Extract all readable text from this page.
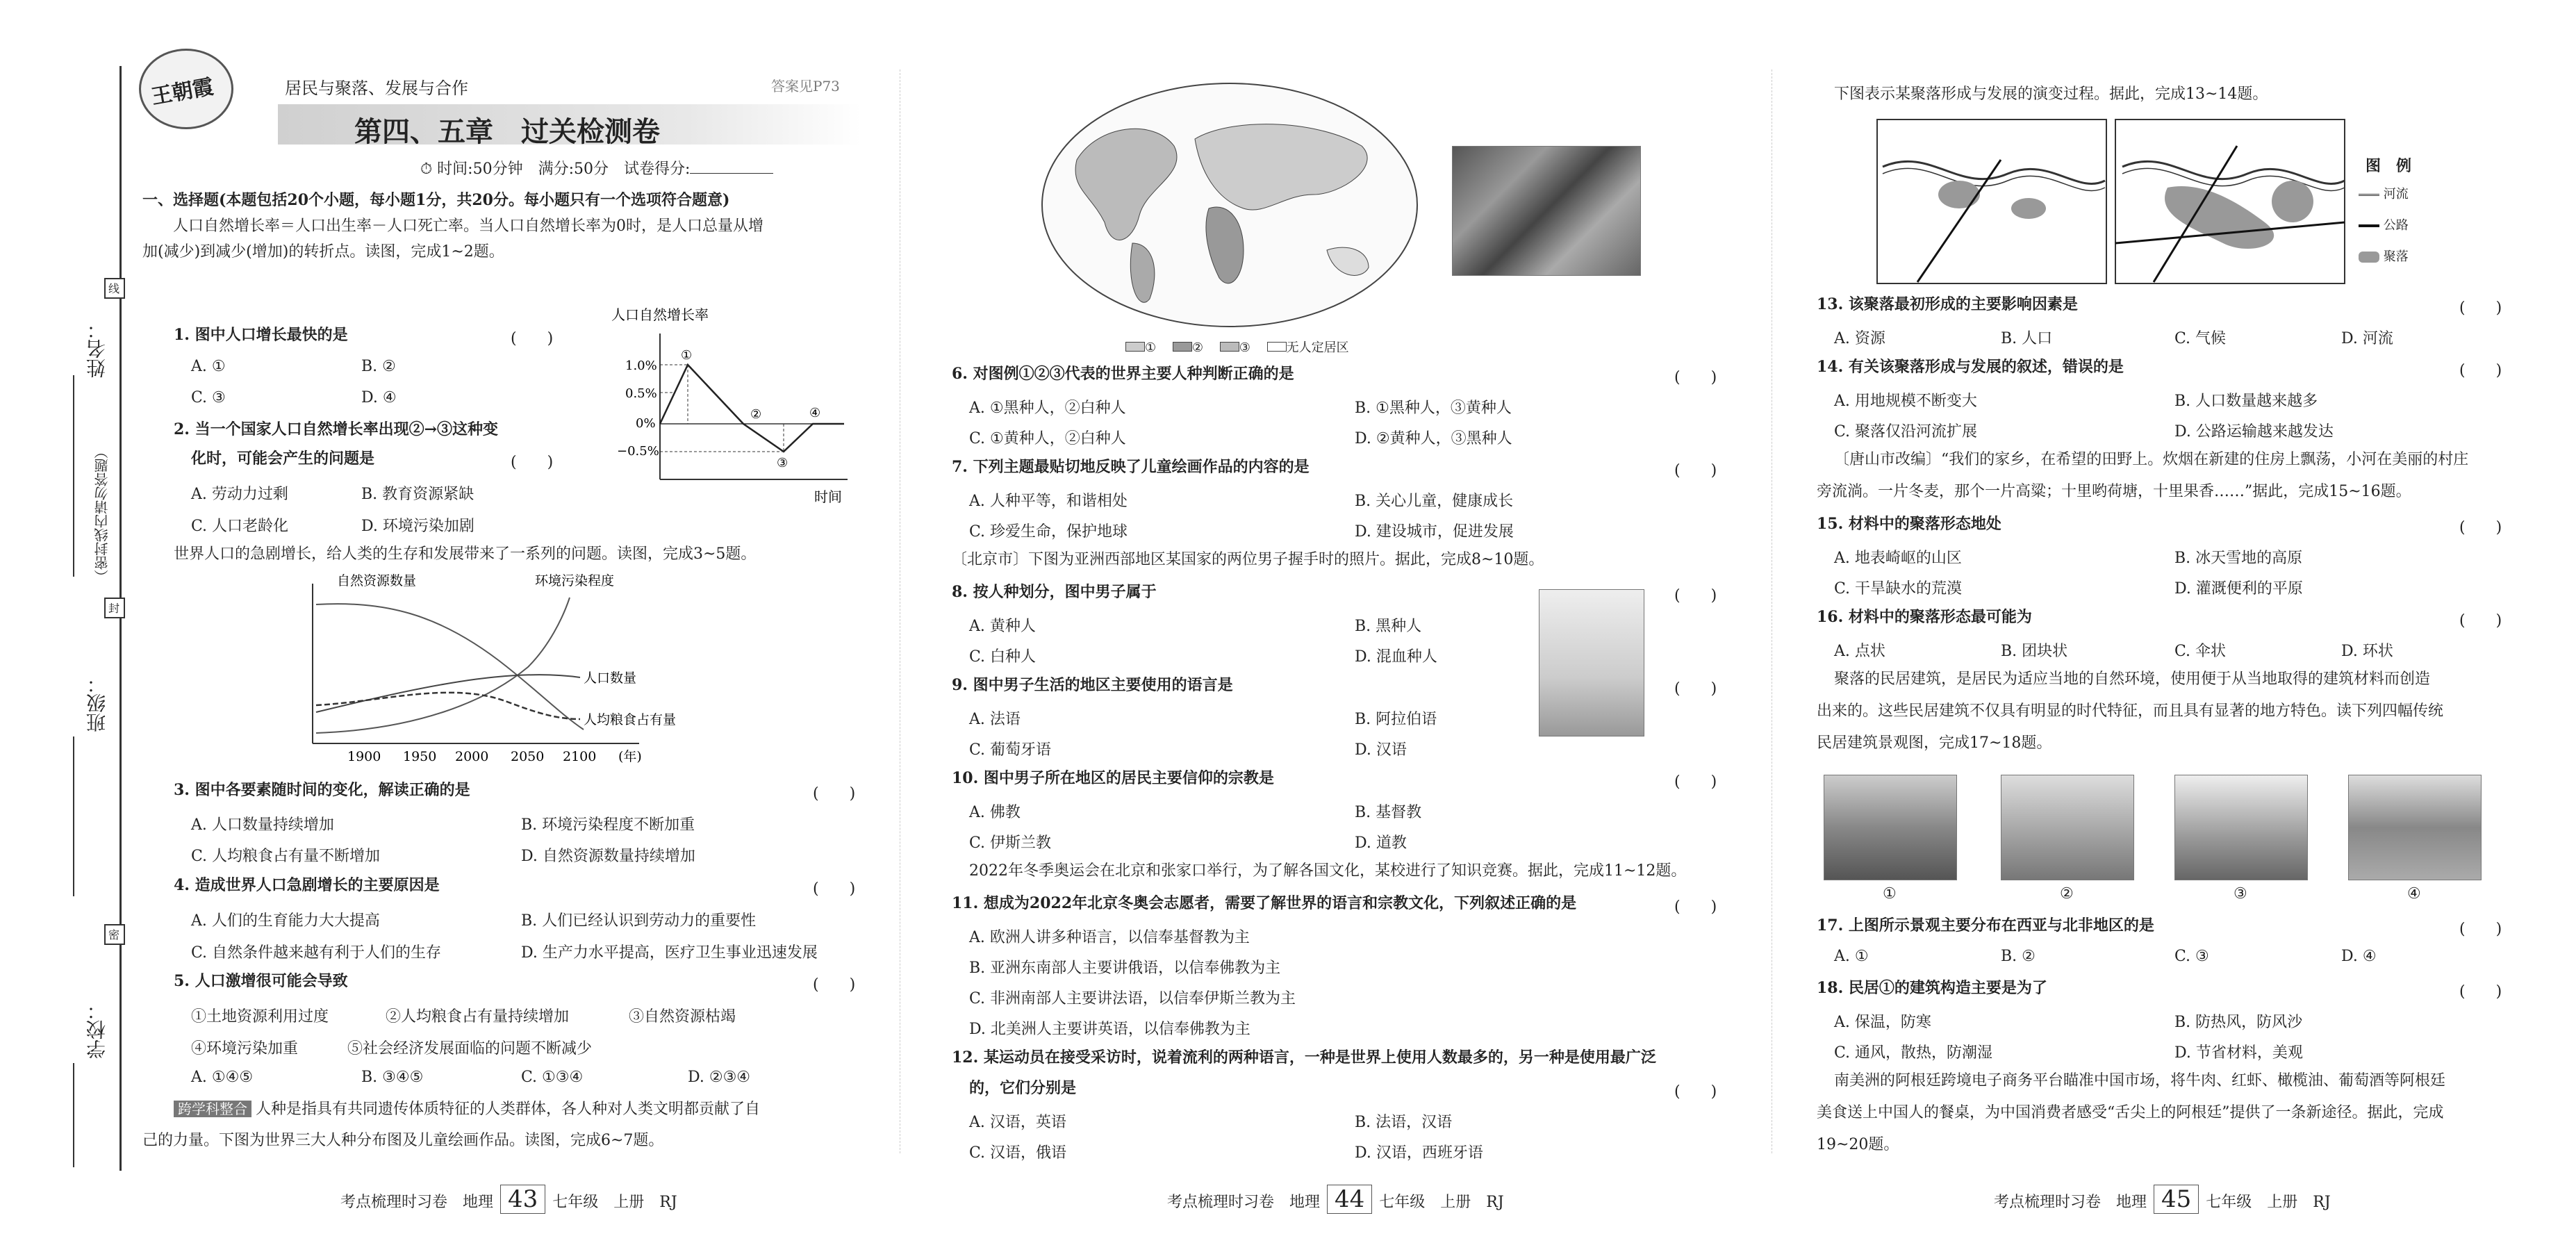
线
封
密
姓名：
（密封线内请勿答题）
班级：
学校：
王朝霞	居民与聚落、发展与合作
第四、五章　过关检测卷
答案见P73
⏱ 时间:50分钟　满分:50分　试卷得分:
一、选择题(本题包括20个小题，每小题1分，共20分。每小题只有一个选项符合题意)
人口自然增长率＝人口出生率－人口死亡率。当人口自然增长率为0时，是人口总量从增
加(减少)到减少(增加)的转折点。读图，完成1~2题。
1. 图中人口增长最快的是	(　　)
A. ①	B. ②
C. ③	D. ④
人口自然增长率
1.0%
0.5%
0%
−0.5%
①
②
③
④
时间
2. 当一个国家人口自然增长率出现②→③这种变
化时，可能会产生的问题是	(　　)
A. 劳动力过剩	B. 教育资源紧缺
C. 人口老龄化	D. 环境污染加剧
世界人口的急剧增长，给人类的生存和发展带来了一系列的问题。读图，完成3~5题。
自然资源数量	环境污染程度
人口数量
人均粮食占有量
1900 1950 2000 2050 2100 (年)
3. 图中各要素随时间的变化，解读正确的是	(　　)
A. 人口数量持续增加	B. 环境污染程度不断加重
C. 人均粮食占有量不断增加	D. 自然资源数量持续增加
4. 造成世界人口急剧增长的主要原因是	(　　)
A. 人们的生育能力大大提高	B. 人们已经认识到劳动力的重要性
C. 自然条件越来越有利于人们的生存	D. 生产力水平提高，医疗卫生事业迅速发展
5. 人口激增很可能会导致	(　　)
①土地资源利用过度	②人均粮食占有量持续增加	③自然资源枯竭
④环境污染加重	⑤社会经济发展面临的问题不断减少
A. ①④⑤	B. ③④⑤	C. ①③④	D. ②③④
跨学科整合 人种是指具有共同遗传体质特征的人类群体，各人种对人类文明都贡献了自
己的力量。下图为世界三大人种分布图及儿童绘画作品。读图，完成6~7题。
①　	②　	③　	无人定居区
6. 对图例①②③代表的世界主要人种判断正确的是	(　　)
A. ①黑种人，②白种人	B. ①黑种人，③黄种人
C. ①黄种人，②白种人	D. ②黄种人，③黑种人
7. 下列主题最贴切地反映了儿童绘画作品的内容的是	(　　)
A. 人种平等，和谐相处	B. 关心儿童，健康成长
C. 珍爱生命，保护地球	D. 建设城市，促进发展
〔北京市〕下图为亚洲西部地区某国家的两位男子握手时的照片。据此，完成8~10题。
8. 按人种划分，图中男子属于	(　　)
A. 黄种人	B. 黑种人
C. 白种人	D. 混血种人
9. 图中男子生活的地区主要使用的语言是	(　　)
A. 法语	B. 阿拉伯语
C. 葡萄牙语	D. 汉语
10. 图中男子所在地区的居民主要信仰的宗教是	(　　)
A. 佛教	B. 基督教
C. 伊斯兰教	D. 道教
2022年冬季奥运会在北京和张家口举行，为了解各国文化，某校进行了知识竞赛。据此，完成11~12题。
11. 想成为2022年北京冬奥会志愿者，需要了解世界的语言和宗教文化，下列叙述正确的是	(　　)
A. 欧洲人讲多种语言，以信奉基督教为主
B. 亚洲东南部人主要讲俄语，以信奉佛教为主
C. 非洲南部人主要讲法语，以信奉伊斯兰教为主
D. 北美洲人主要讲英语，以信奉佛教为主
12. 某运动员在接受采访时，说着流利的两种语言，一种是世界上使用人数最多的，另一种是使用最广泛
的，它们分别是	(　　)
A. 汉语，英语	B. 法语，汉语
C. 汉语，俄语	D. 汉语，西班牙语
下图表示某聚落形成与发展的演变过程。据此，完成13~14题。
图　例
河流
公路
聚落
13. 该聚落最初形成的主要影响因素是	(　　)
A. 资源	B. 人口	C. 气候	D. 河流
14. 有关该聚落形成与发展的叙述，错误的是	(　　)
A. 用地规模不断变大	B. 人口数量越来越多
C. 聚落仅沿河流扩展	D. 公路运输越来越发达
〔唐山市改编〕“我们的家乡，在希望的田野上。炊烟在新建的住房上飘荡，小河在美丽的村庄
旁流淌。一片冬麦，那个一片高粱；十里哟荷塘，十里果香……”据此，完成15~16题。
15. 材料中的聚落形态地处	(　　)
A. 地表崎岖的山区	B. 冰天雪地的高原
C. 干旱缺水的荒漠	D. 灌溉便利的平原
16. 材料中的聚落形态最可能为	(　　)
A. 点状	B. 团块状	C. 伞状	D. 环状
聚落的民居建筑，是居民为适应当地的自然环境，使用便于从当地取得的建筑材料而创造
出来的。这些民居建筑不仅具有明显的时代特征，而且具有显著的地方特色。读下列四幅传统
民居建筑景观图，完成17~18题。
①	②	③	④
17. 上图所示景观主要分布在西亚与北非地区的是	(　　)
A. ①	B. ②	C. ③	D. ④
18. 民居①的建筑构造主要是为了	(　　)
A. 保温，防寒	B. 防热风，防风沙
C. 通风，散热，防潮湿	D. 节省材料，美观
南美洲的阿根廷跨境电子商务平台瞄准中国市场，将牛肉、红虾、橄榄油、葡萄酒等阿根廷
美食送上中国人的餐桌，为中国消费者感受“舌尖上的阿根廷”提供了一条新途径。据此，完成
19~20题。
考点梳理时习卷　地理 43 七年级　上册　RJ	考点梳理时习卷　地理 44 七年级　上册　RJ	考点梳理时习卷　地理 45 七年级　上册　RJ
